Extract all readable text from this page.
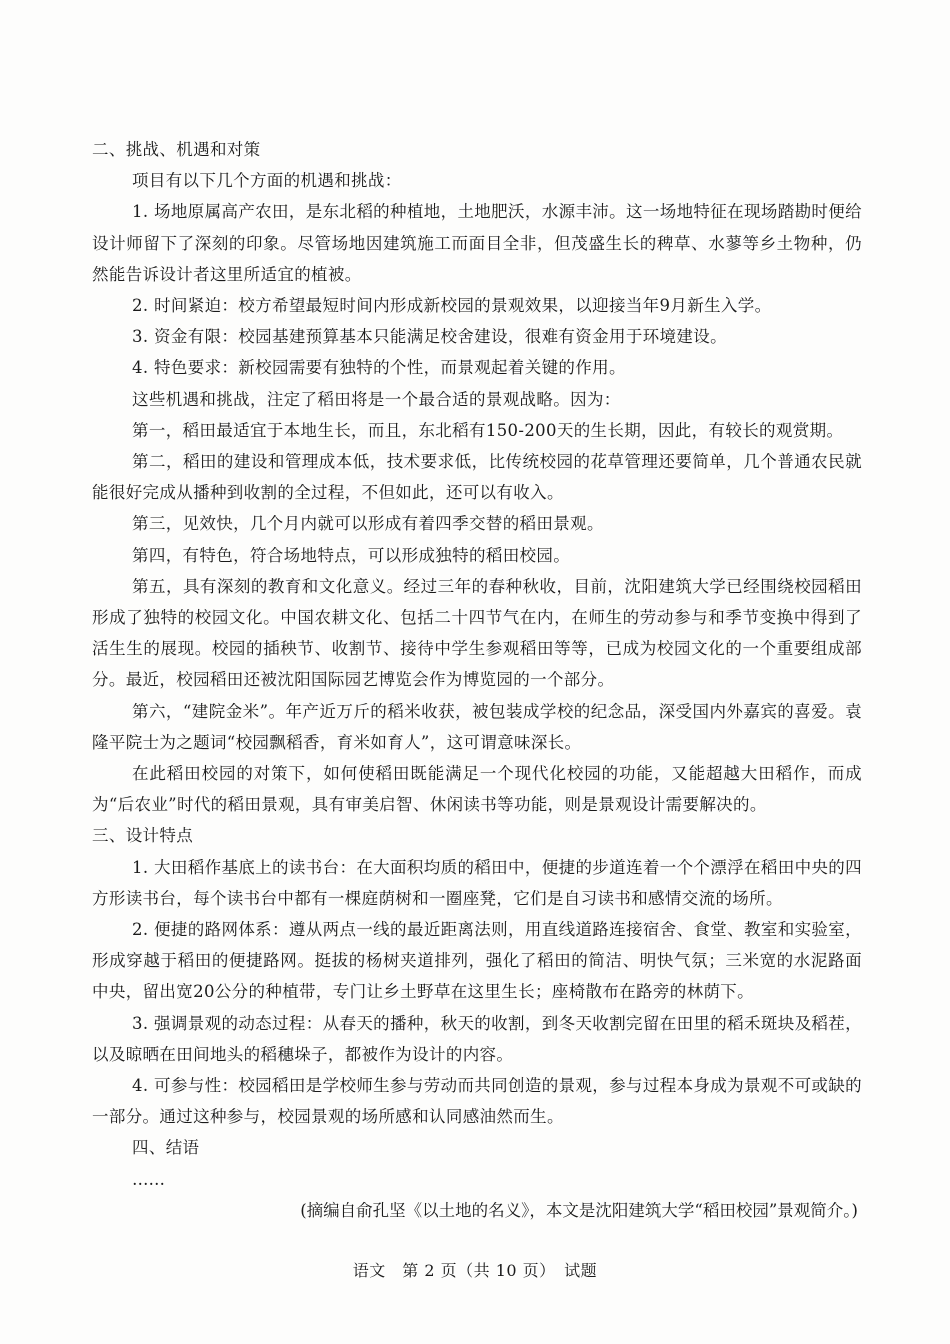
二、挑战、机遇和对策

项目有以下几个方面的机遇和挑战：

1. 场地原属高产农田，是东北稻的种植地，土地肥沃，水源丰沛。这一场地特征在现场踏勘时便给设计师留下了深刻的印象。尽管场地因建筑施工而面目全非，但茂盛生长的稗草、水蓼等乡土物种，仍然能告诉设计者这里所适宜的植被。

2. 时间紧迫：校方希望最短时间内形成新校园的景观效果，以迎接当年9月新生入学。

3. 资金有限：校园基建预算基本只能满足校舍建设，很难有资金用于环境建设。

4. 特色要求：新校园需要有独特的个性，而景观起着关键的作用。

这些机遇和挑战，注定了稻田将是一个最合适的景观战略。因为：

第一，稻田最适宜于本地生长，而且，东北稻有150-200天的生长期，因此，有较长的观赏期。

第二，稻田的建设和管理成本低，技术要求低，比传统校园的花草管理还要简单，几个普通农民就能很好完成从播种到收割的全过程，不但如此，还可以有收入。

第三，见效快，几个月内就可以形成有着四季交替的稻田景观。

第四，有特色，符合场地特点，可以形成独特的稻田校园。

第五，具有深刻的教育和文化意义。经过三年的春种秋收，目前，沈阳建筑大学已经围绕校园稻田形成了独特的校园文化。中国农耕文化、包括二十四节气在内，在师生的劳动参与和季节变换中得到了活生生的展现。校园的插秧节、收割节、接待中学生参观稻田等等，已成为校园文化的一个重要组成部分。最近，校园稻田还被沈阳国际园艺博览会作为博览园的一个部分。

第六，“建院金米”。年产近万斤的稻米收获，被包装成学校的纪念品，深受国内外嘉宾的喜爱。袁隆平院士为之题词“校园飘稻香，育米如育人”，这可谓意味深长。

在此稻田校园的对策下，如何使稻田既能满足一个现代化校园的功能，又能超越大田稻作，而成为“后农业”时代的稻田景观，具有审美启智、休闲读书等功能，则是景观设计需要解决的。

三、设计特点

1. 大田稻作基底上的读书台：在大面积均质的稻田中，便捷的步道连着一个个漂浮在稻田中央的四方形读书台，每个读书台中都有一棵庭荫树和一圈座凳，它们是自习读书和感情交流的场所。

2. 便捷的路网体系：遵从两点一线的最近距离法则，用直线道路连接宿舍、食堂、教室和实验室，形成穿越于稻田的便捷路网。挺拔的杨树夹道排列，强化了稻田的简洁、明快气氛；三米宽的水泥路面中央，留出宽20公分的种植带，专门让乡土野草在这里生长；座椅散布在路旁的林荫下。

3. 强调景观的动态过程：从春天的播种，秋天的收割，到冬天收割完留在田里的稻禾斑块及稻茬，以及晾晒在田间地头的稻穗垛子，都被作为设计的内容。

4. 可参与性：校园稻田是学校师生参与劳动而共同创造的景观，参与过程本身成为景观不可或缺的一部分。通过这种参与，校园景观的场所感和认同感油然而生。

四、结语
……
(摘编自俞孔坚《以土地的名义》，本文是沈阳建筑大学“稻田校园”景观简介。)
语文　第 2 页（共 10 页）　试题
